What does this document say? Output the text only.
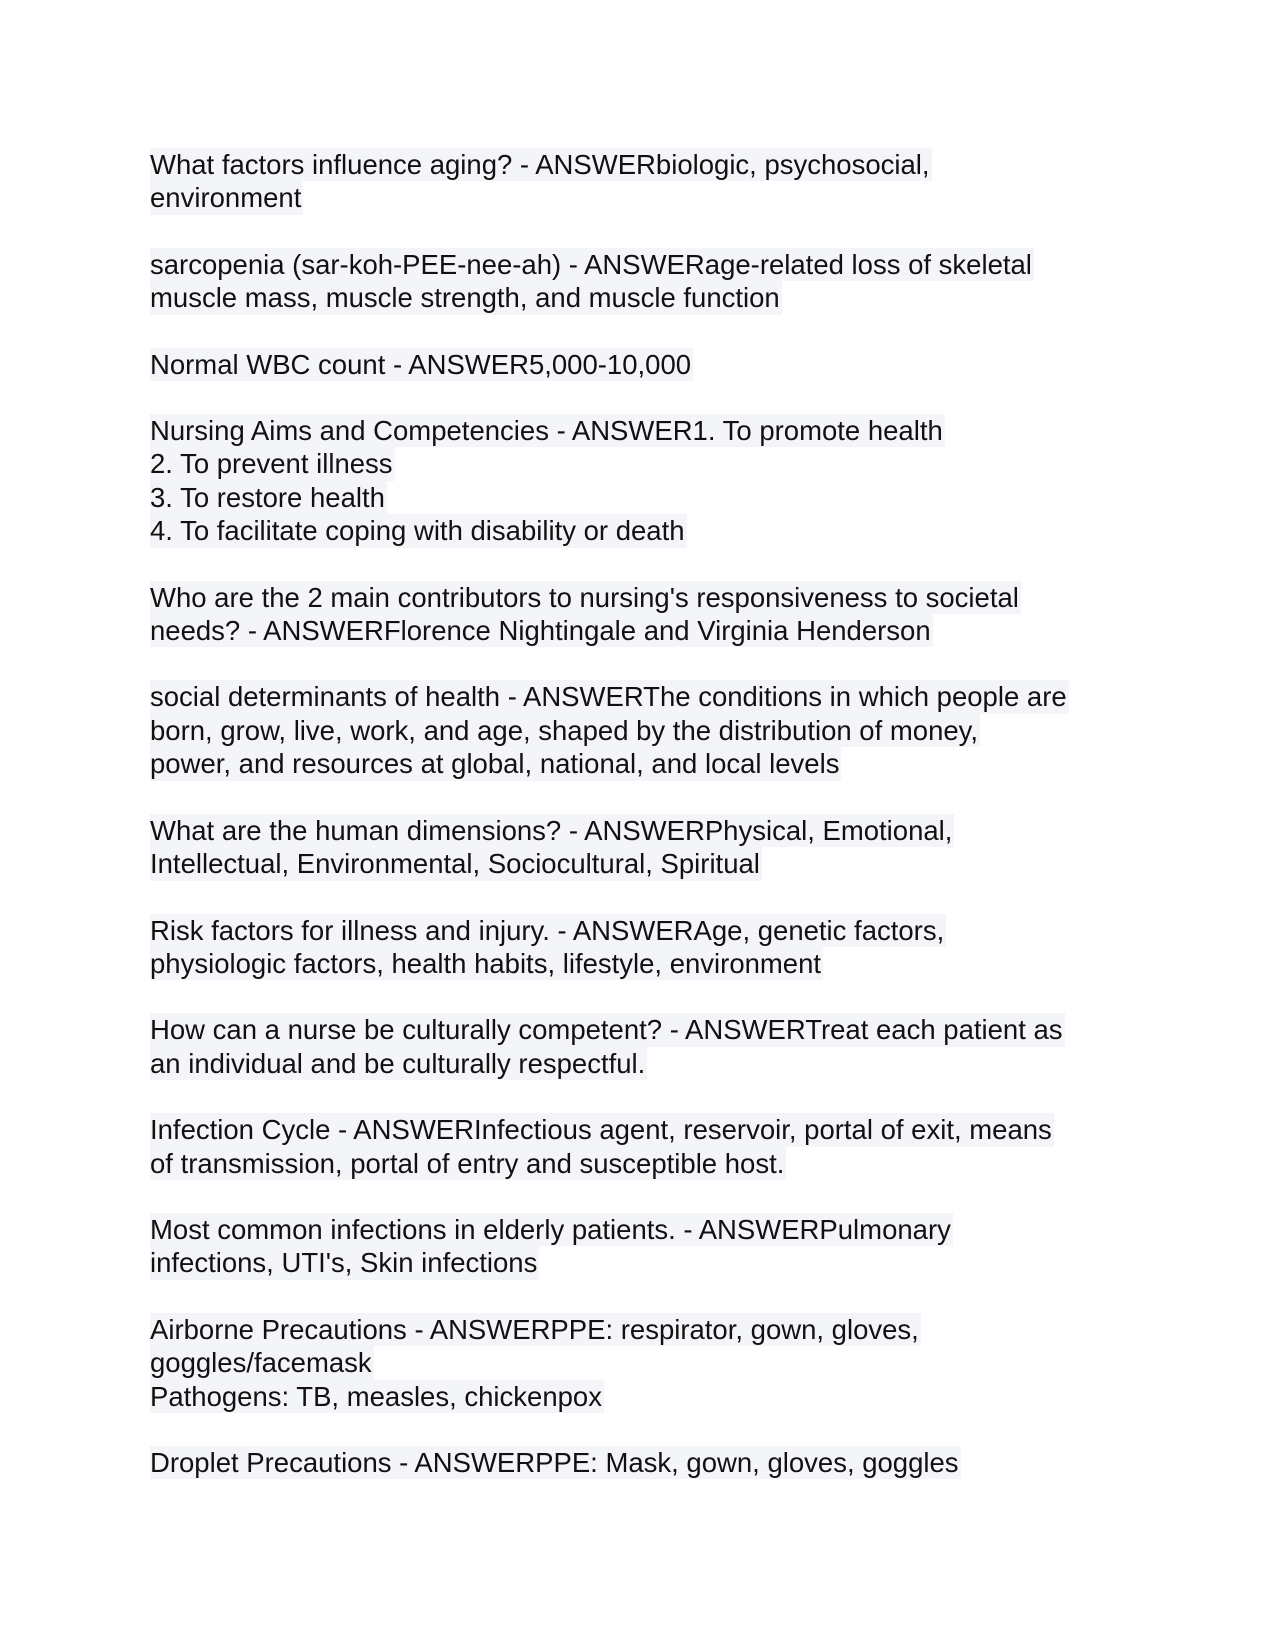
What factors influence aging? - ANSWERbiologic, psychosocial,
environment
sarcopenia (sar-koh-PEE-nee-ah) - ANSWERage-related loss of skeletal
muscle mass, muscle strength, and muscle function
Normal WBC count - ANSWER5,000-10,000
Nursing Aims and Competencies - ANSWER1. To promote health
2. To prevent illness
3. To restore health
4. To facilitate coping with disability or death
Who are the 2 main contributors to nursing's responsiveness to societal
needs? - ANSWERFlorence Nightingale and Virginia Henderson
social determinants of health - ANSWERThe conditions in which people are
born, grow, live, work, and age, shaped by the distribution of money,
power, and resources at global, national, and local levels
What are the human dimensions? - ANSWERPhysical, Emotional,
Intellectual, Environmental, Sociocultural, Spiritual
Risk factors for illness and injury. - ANSWERAge, genetic factors,
physiologic factors, health habits, lifestyle, environment
How can a nurse be culturally competent? - ANSWERTreat each patient as
an individual and be culturally respectful.
Infection Cycle - ANSWERInfectious agent, reservoir, portal of exit, means
of transmission, portal of entry and susceptible host.
Most common infections in elderly patients. - ANSWERPulmonary
infections, UTI's, Skin infections
Airborne Precautions - ANSWERPPE: respirator, gown, gloves,
goggles/facemask
Pathogens: TB, measles, chickenpox
Droplet Precautions - ANSWERPPE: Mask, gown, gloves, goggles
